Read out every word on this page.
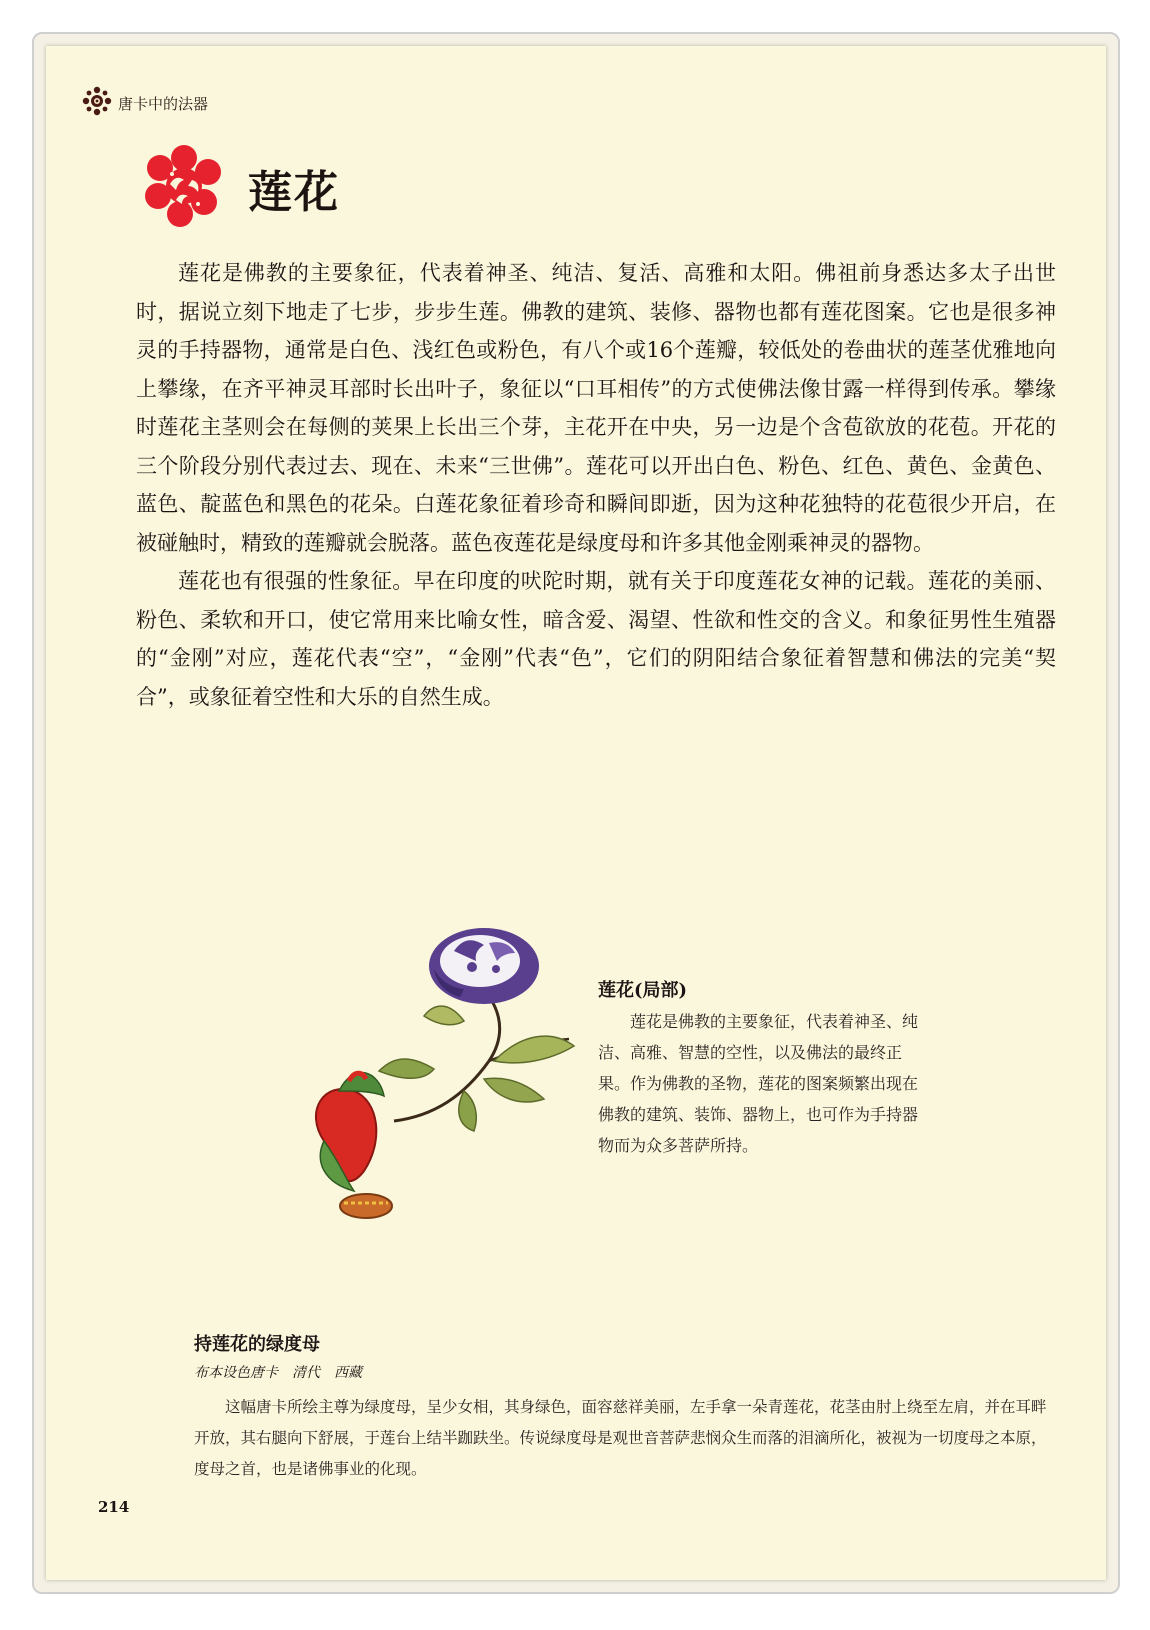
唐卡中的法器
莲花

莲花是佛教的主要象征，代表着神圣、纯洁、复活、高雅和太阳。佛祖前身悉达多太子出世时，据说立刻下地走了七步，步步生莲。佛教的建筑、装修、器物也都有莲花图案。它也是很多神灵的手持器物，通常是白色、浅红色或粉色，有八个或16个莲瓣，较低处的卷曲状的莲茎优雅地向上攀缘，在齐平神灵耳部时长出叶子，象征以“口耳相传”的方式使佛法像甘露一样得到传承。攀缘时莲花主茎则会在每侧的荚果上长出三个芽，主花开在中央，另一边是个含苞欲放的花苞。开花的三个阶段分别代表过去、现在、未来“三世佛”。莲花可以开出白色、粉色、红色、黄色、金黄色、蓝色、靛蓝色和黑色的花朵。白莲花象征着珍奇和瞬间即逝，因为这种花独特的花苞很少开启，在被碰触时，精致的莲瓣就会脱落。蓝色夜莲花是绿度母和许多其他金刚乘神灵的器物。

莲花也有很强的性象征。早在印度的吠陀时期，就有关于印度莲花女神的记载。莲花的美丽、粉色、柔软和开口，使它常用来比喻女性，暗含爱、渴望、性欲和性交的含义。和象征男性生殖器的“金刚”对应，莲花代表“空”，“金刚”代表“色”，它们的阴阳结合象征着智慧和佛法的完美“契合”，或象征着空性和大乐的自然生成。

莲花(局部)
莲花是佛教的主要象征，代表着神圣、纯洁、高雅、智慧的空性，以及佛法的最终正果。作为佛教的圣物，莲花的图案频繁出现在佛教的建筑、装饰、器物上，也可作为手持器物而为众多菩萨所持。
持莲花的绿度母
布本设色唐卡　清代　西藏
这幅唐卡所绘主尊为绿度母，呈少女相，其身绿色，面容慈祥美丽，左手拿一朵青莲花，花茎由肘上绕至左肩，并在耳畔开放，其右腿向下舒展，于莲台上结半跏趺坐。传说绿度母是观世音菩萨悲悯众生而落的泪滴所化，被视为一切度母之本原，度母之首，也是诸佛事业的化现。
214
